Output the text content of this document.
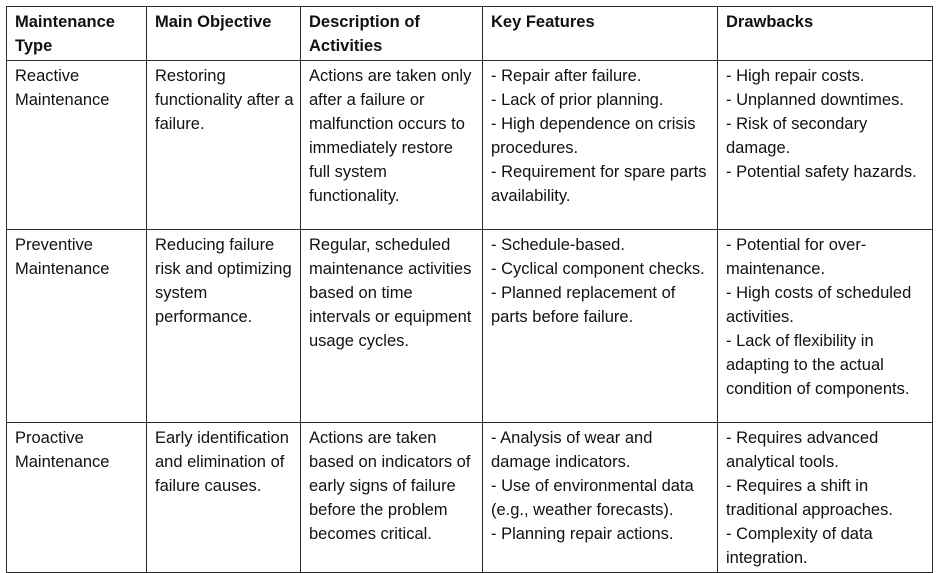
Maintenance Type	Main Objective	Description of Activities	Key Features	Drawbacks
Reactive Maintenance	Restoring functionality after a failure.	Actions are taken only after a failure or malfunction occurs to immediately restore full system functionality.	- Repair after failure.
- Lack of prior planning.
- High dependence on crisis procedures.
- Requirement for spare parts availability.	- High repair costs.
- Unplanned downtimes.
- Risk of secondary damage.
- Potential safety hazards.

Preventive Maintenance	Reducing failure risk and optimizing system performance.	Regular, scheduled maintenance activities based on time intervals or equipment usage cycles.	- Schedule-based.
- Cyclical component checks.
- Planned replacement of parts before failure.	- Potential for over-maintenance.
- High costs of scheduled activities.
- Lack of flexibility in adapting to the actual condition of components.

Proactive Maintenance	Early identification and elimination of failure causes.	Actions are taken based on indicators of early signs of failure before the problem becomes critical.	- Analysis of wear and damage indicators.
- Use of environmental data (e.g., weather forecasts).
- Planning repair actions.	- Requires advanced analytical tools.
- Requires a shift in traditional approaches.
- Complexity of data integration.
